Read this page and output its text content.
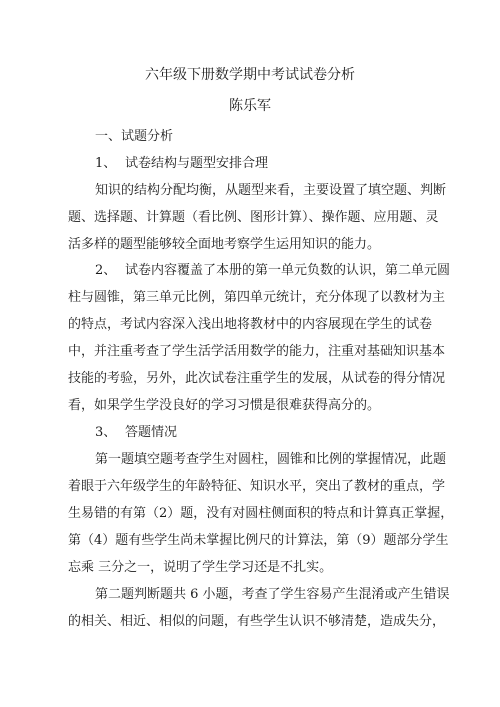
六年级下册数学期中考试试卷分析
陈乐军
一、试题分析
1、 试卷结构与题型安排合理
知识的结构分配均衡，从题型来看，主要设置了填空题、判断
题、选择题、计算题（看比例、图形计算）、操作题、应用题、灵
活多样的题型能够较全面地考察学生运用知识的能力。
2、 试卷内容覆盖了本册的第一单元负数的认识，第二单元圆
柱与圆锥，第三单元比例，第四单元统计，充分体现了以教材为主
的特点，考试内容深入浅出地将教材中的内容展现在学生的试卷
中，并注重考查了学生活学活用数学的能力，注重对基础知识基本
技能的考验，另外，此次试卷注重学生的发展，从试卷的得分情况
看，如果学生学没良好的学习习惯是很难获得高分的。
3、 答题情况
第一题填空题考查学生对圆柱，圆锥和比例的掌握情况，此题
着眼于六年级学生的年龄特征、知识水平，突出了教材的重点，学
生易错的有第（2）题，没有对圆柱侧面积的特点和计算真正掌握，
第（4）题有些学生尚未掌握比例尺的计算法，第（9）题部分学生
忘乘 三分之一，说明了学生学习还是不扎实。
第二题判断题共 6 小题，考查了学生容易产生混淆或产生错误
的相关、相近、相似的问题，有些学生认识不够清楚，造成失分，
